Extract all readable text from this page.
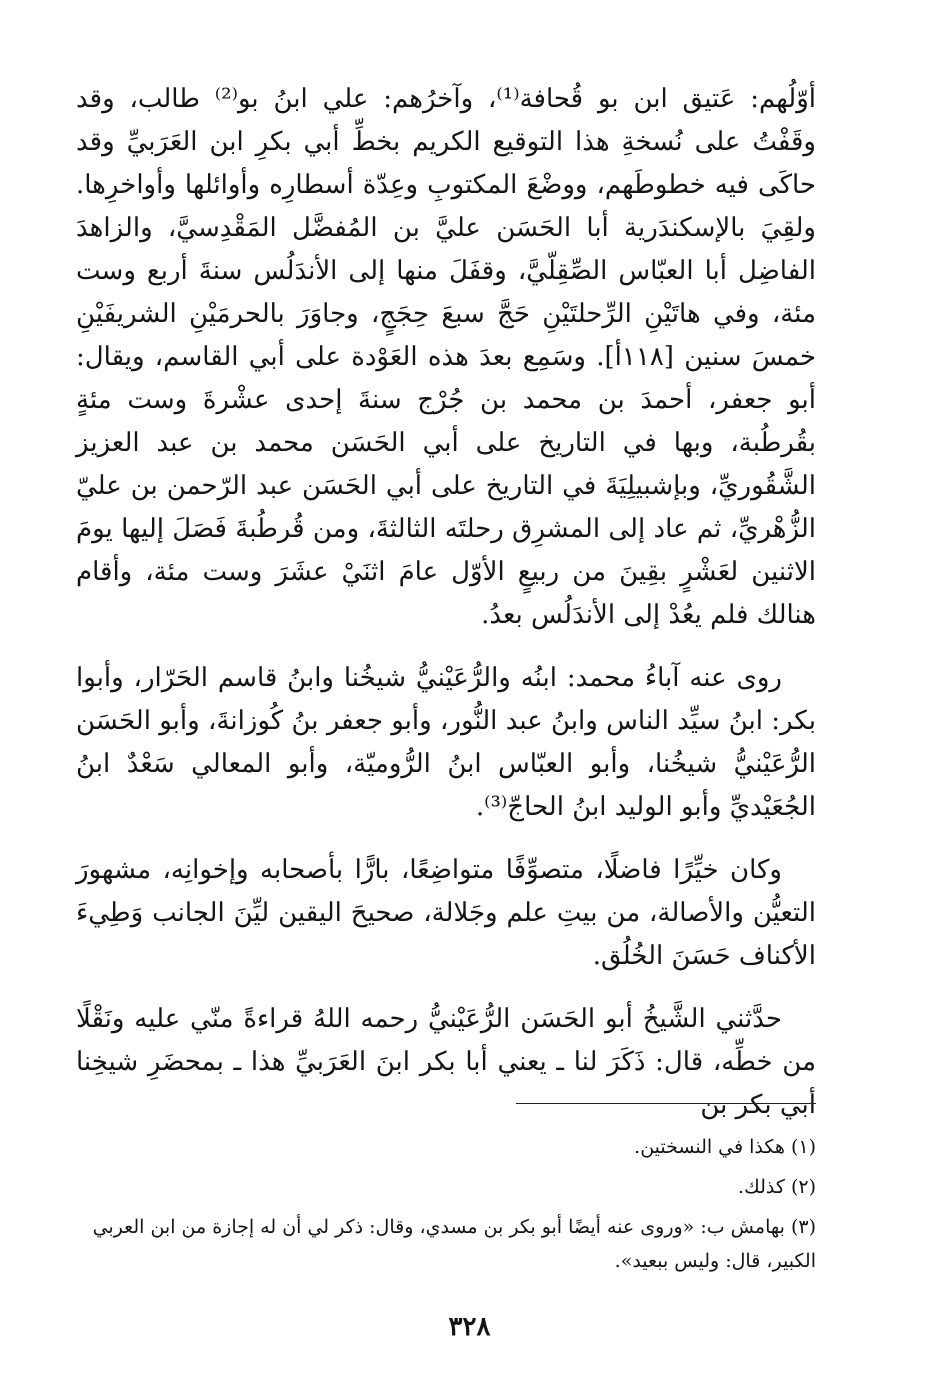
أوّلُهم: عَتيق ابن بو قُحافة⁽¹⁾، وآخرُهم: علي ابنُ بو⁽²⁾ طالب، وقد وقَفْتُ على نُسخةِ هذا التوقيع الكريم بخطِّ أبي بكرِ ابن العَرَبيِّ وقد حاكَى فيه خطوطَهم، ووضْعَ المكتوبِ وعِدّة أسطارِه وأوائلها وأواخرِها. ولقِيَ بالإسكندَرية أبا الحَسَن عليَّ بن المُفضَّل المَقْدِسيَّ، والزاهدَ الفاضِل أبا العبّاس الصِّقِلّيَّ، وقفَلَ منها إلى الأندَلُس سنةَ أربع وست مئة، وفي هاتَيْنِ الرِّحلتَيْنِ حَجَّ سبعَ حِجَجٍ، وجاوَرَ بالحرمَيْنِ الشريفَيْنِ خمسَ سنين [١١٨أ]. وسَمِع بعدَ هذه العَوْدة على أبي القاسم، ويقال: أبو جعفر، أحمدَ بن محمد بن جُرْج سنةَ إحدى عشْرةَ وست مئةٍ بقُرطُبة، وبها في التاريخ على أبي الحَسَن محمد بن عبد العزيز الشَّقُوريِّ، وبإشبيلِيَةَ في التاريخ على أبي الحَسَن عبد الرّحمن بن عليّ الزُّهْريِّ، ثم عاد إلى المشرِق رحلتَه الثالثةَ، ومن قُرطُبةَ فَصَلَ إليها يومَ الاثنين لعَشْرٍ بقِينَ من ربيعٍ الأوّل عامَ اثنَيْ عشَرَ وست مئة، وأقام هنالك فلم يعُدْ إلى الأندَلُس بعدُ.

روى عنه آباءُ محمد: ابنُه والرُّعَيْنيُّ شيخُنا وابنُ قاسم الحَرّار، وأبوا بكر: ابنُ سيِّد الناس وابنُ عبد النُّور، وأبو جعفر بنُ كُوزانةَ، وأبو الحَسَن الرُّعَيْنيُّ شيخُنا، وأبو العبّاس ابنُ الرُّوميّة، وأبو المعالي سَعْدٌ ابنُ الجُعَيْديِّ وأبو الوليد ابنُ الحاجّ⁽³⁾.

وكان خيِّرًا فاضلًا، متصوِّفًا متواضِعًا، بارًّا بأصحابه وإخوانِه، مشهورَ التعيُّن والأصالة، من بيتِ علم وجَلالة، صحيحَ اليقين ليِّنَ الجانب وَطِيءَ الأكناف حَسَنَ الخُلُق.

حدَّثني الشَّيخُ أبو الحَسَن الرُّعَيْنيُّ رحمه اللهُ قراءةً منّي عليه ونَقْلًا من خطِّه، قال: ذَكَرَ لنا ـ يعني أبا بكر ابنَ العَرَبيِّ هذا ـ بمحضَرِ شيخِنا أبي بكر بن

(١) هكذا في النسختين.

(٢) كذلك.

(٣) بهامش ب: «وروى عنه أيضًا أبو بكر بن مسدي، وقال: ذكر لي أن له إجازة من ابن العربي الكبير، قال: وليس ببعيد».

٣٢٨
